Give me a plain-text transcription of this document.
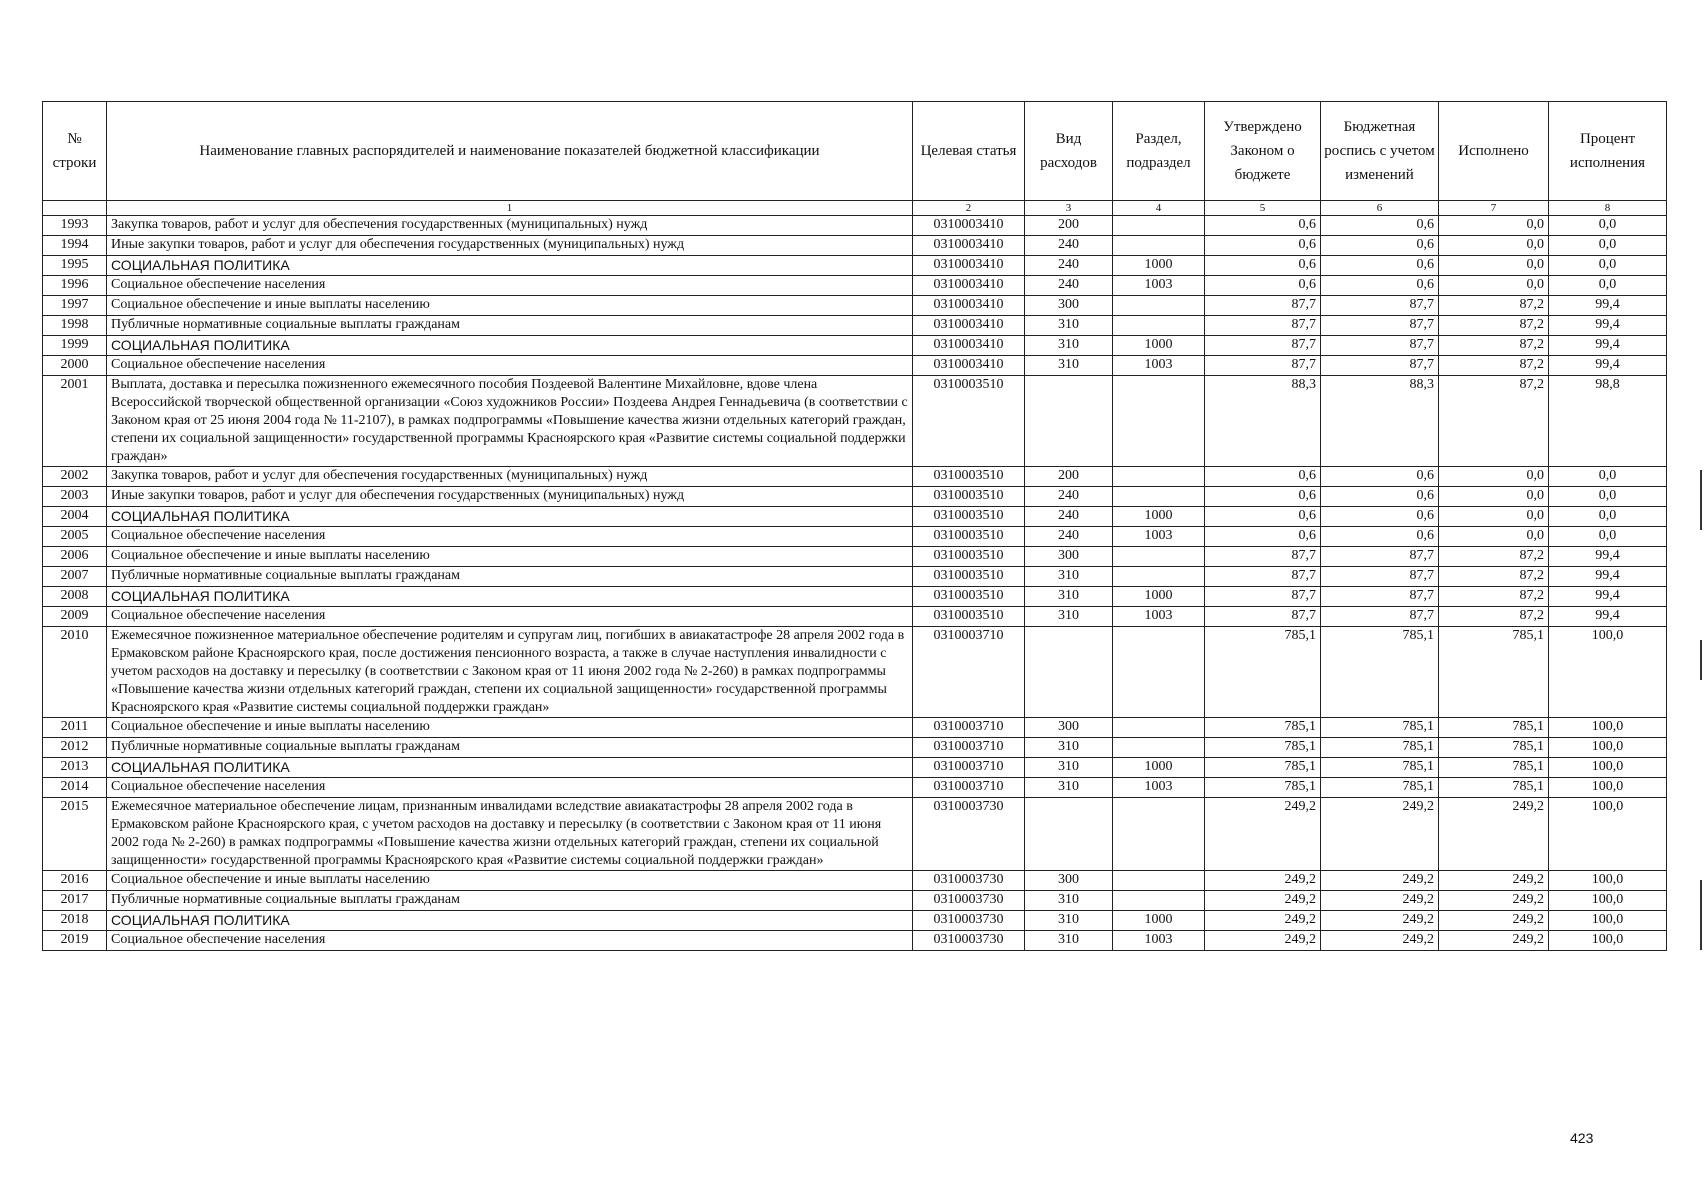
№
строки	Наименование главных распорядителей и наименование показателей бюджетной классификации	Целевая статья	Вид расходов	Раздел, подраздел	Утверждено Законом о бюджете	Бюджетная роспись с учетом изменений	Исполнено	Процент исполнения
	1	2	3	4	5	6	7	8
1993	Закупка товаров, работ и услуг для обеспечения государственных (муниципальных) нужд	0310003410	200		0,6	0,6	0,0	0,0
1994	Иные закупки товаров, работ и услуг для обеспечения государственных (муниципальных) нужд	0310003410	240		0,6	0,6	0,0	0,0
1995	СОЦИАЛЬНАЯ ПОЛИТИКА	0310003410	240	1000	0,6	0,6	0,0	0,0
1996	Социальное обеспечение населения	0310003410	240	1003	0,6	0,6	0,0	0,0
1997	Социальное обеспечение и иные выплаты населению	0310003410	300		87,7	87,7	87,2	99,4
1998	Публичные нормативные социальные выплаты гражданам	0310003410	310		87,7	87,7	87,2	99,4
1999	СОЦИАЛЬНАЯ ПОЛИТИКА	0310003410	310	1000	87,7	87,7	87,2	99,4
2000	Социальное обеспечение населения	0310003410	310	1003	87,7	87,7	87,2	99,4
2001	Выплата, доставка и пересылка пожизненного ежемесячного пособия Поздеевой Валентине Михайловне, вдове члена Всероссийской творческой общественной организации «Союз художников России» Поздеева Андрея Геннадьевича (в соответствии с Законом края от 25 июня 2004 года № 11-2107), в рамках подпрограммы «Повышение качества жизни отдельных категорий граждан, степени их социальной защищенности» государственной программы Красноярского края «Развитие системы социальной поддержки граждан»	0310003510			88,3	88,3	87,2	98,8
2002	Закупка товаров, работ и услуг для обеспечения государственных (муниципальных) нужд	0310003510	200		0,6	0,6	0,0	0,0
2003	Иные закупки товаров, работ и услуг для обеспечения государственных (муниципальных) нужд	0310003510	240		0,6	0,6	0,0	0,0
2004	СОЦИАЛЬНАЯ ПОЛИТИКА	0310003510	240	1000	0,6	0,6	0,0	0,0
2005	Социальное обеспечение населения	0310003510	240	1003	0,6	0,6	0,0	0,0
2006	Социальное обеспечение и иные выплаты населению	0310003510	300		87,7	87,7	87,2	99,4
2007	Публичные нормативные социальные выплаты гражданам	0310003510	310		87,7	87,7	87,2	99,4
2008	СОЦИАЛЬНАЯ ПОЛИТИКА	0310003510	310	1000	87,7	87,7	87,2	99,4
2009	Социальное обеспечение населения	0310003510	310	1003	87,7	87,7	87,2	99,4
2010	Ежемесячное пожизненное материальное обеспечение родителям и супругам лиц, погибших в авиакатастрофе 28 апреля 2002 года в Ермаковском районе Красноярского края, после достижения пенсионного возраста, а также в случае наступления инвалидности с учетом расходов на доставку и пересылку (в соответствии с Законом края от 11 июня 2002 года № 2-260) в рамках подпрограммы «Повышение качества жизни отдельных категорий граждан, степени их социальной защищенности» государственной программы Красноярского края «Развитие системы социальной поддержки граждан»	0310003710			785,1	785,1	785,1	100,0
2011	Социальное обеспечение и иные выплаты населению	0310003710	300		785,1	785,1	785,1	100,0
2012	Публичные нормативные социальные выплаты гражданам	0310003710	310		785,1	785,1	785,1	100,0
2013	СОЦИАЛЬНАЯ ПОЛИТИКА	0310003710	310	1000	785,1	785,1	785,1	100,0
2014	Социальное обеспечение населения	0310003710	310	1003	785,1	785,1	785,1	100,0
2015	Ежемесячное материальное обеспечение лицам, признанным инвалидами вследствие авиакатастрофы 28 апреля 2002 года в Ермаковском районе Красноярского края, с учетом расходов на доставку и пересылку (в соответствии с Законом края от 11 июня 2002 года № 2-260) в рамках подпрограммы «Повышение качества жизни отдельных категорий граждан, степени их социальной защищенности» государственной программы Красноярского края «Развитие системы социальной поддержки граждан»	0310003730			249,2	249,2	249,2	100,0
2016	Социальное обеспечение и иные выплаты населению	0310003730	300		249,2	249,2	249,2	100,0
2017	Публичные нормативные социальные выплаты гражданам	0310003730	310		249,2	249,2	249,2	100,0
2018	СОЦИАЛЬНАЯ ПОЛИТИКА	0310003730	310	1000	249,2	249,2	249,2	100,0
2019	Социальное обеспечение населения	0310003730	310	1003	249,2	249,2	249,2	100,0
423
